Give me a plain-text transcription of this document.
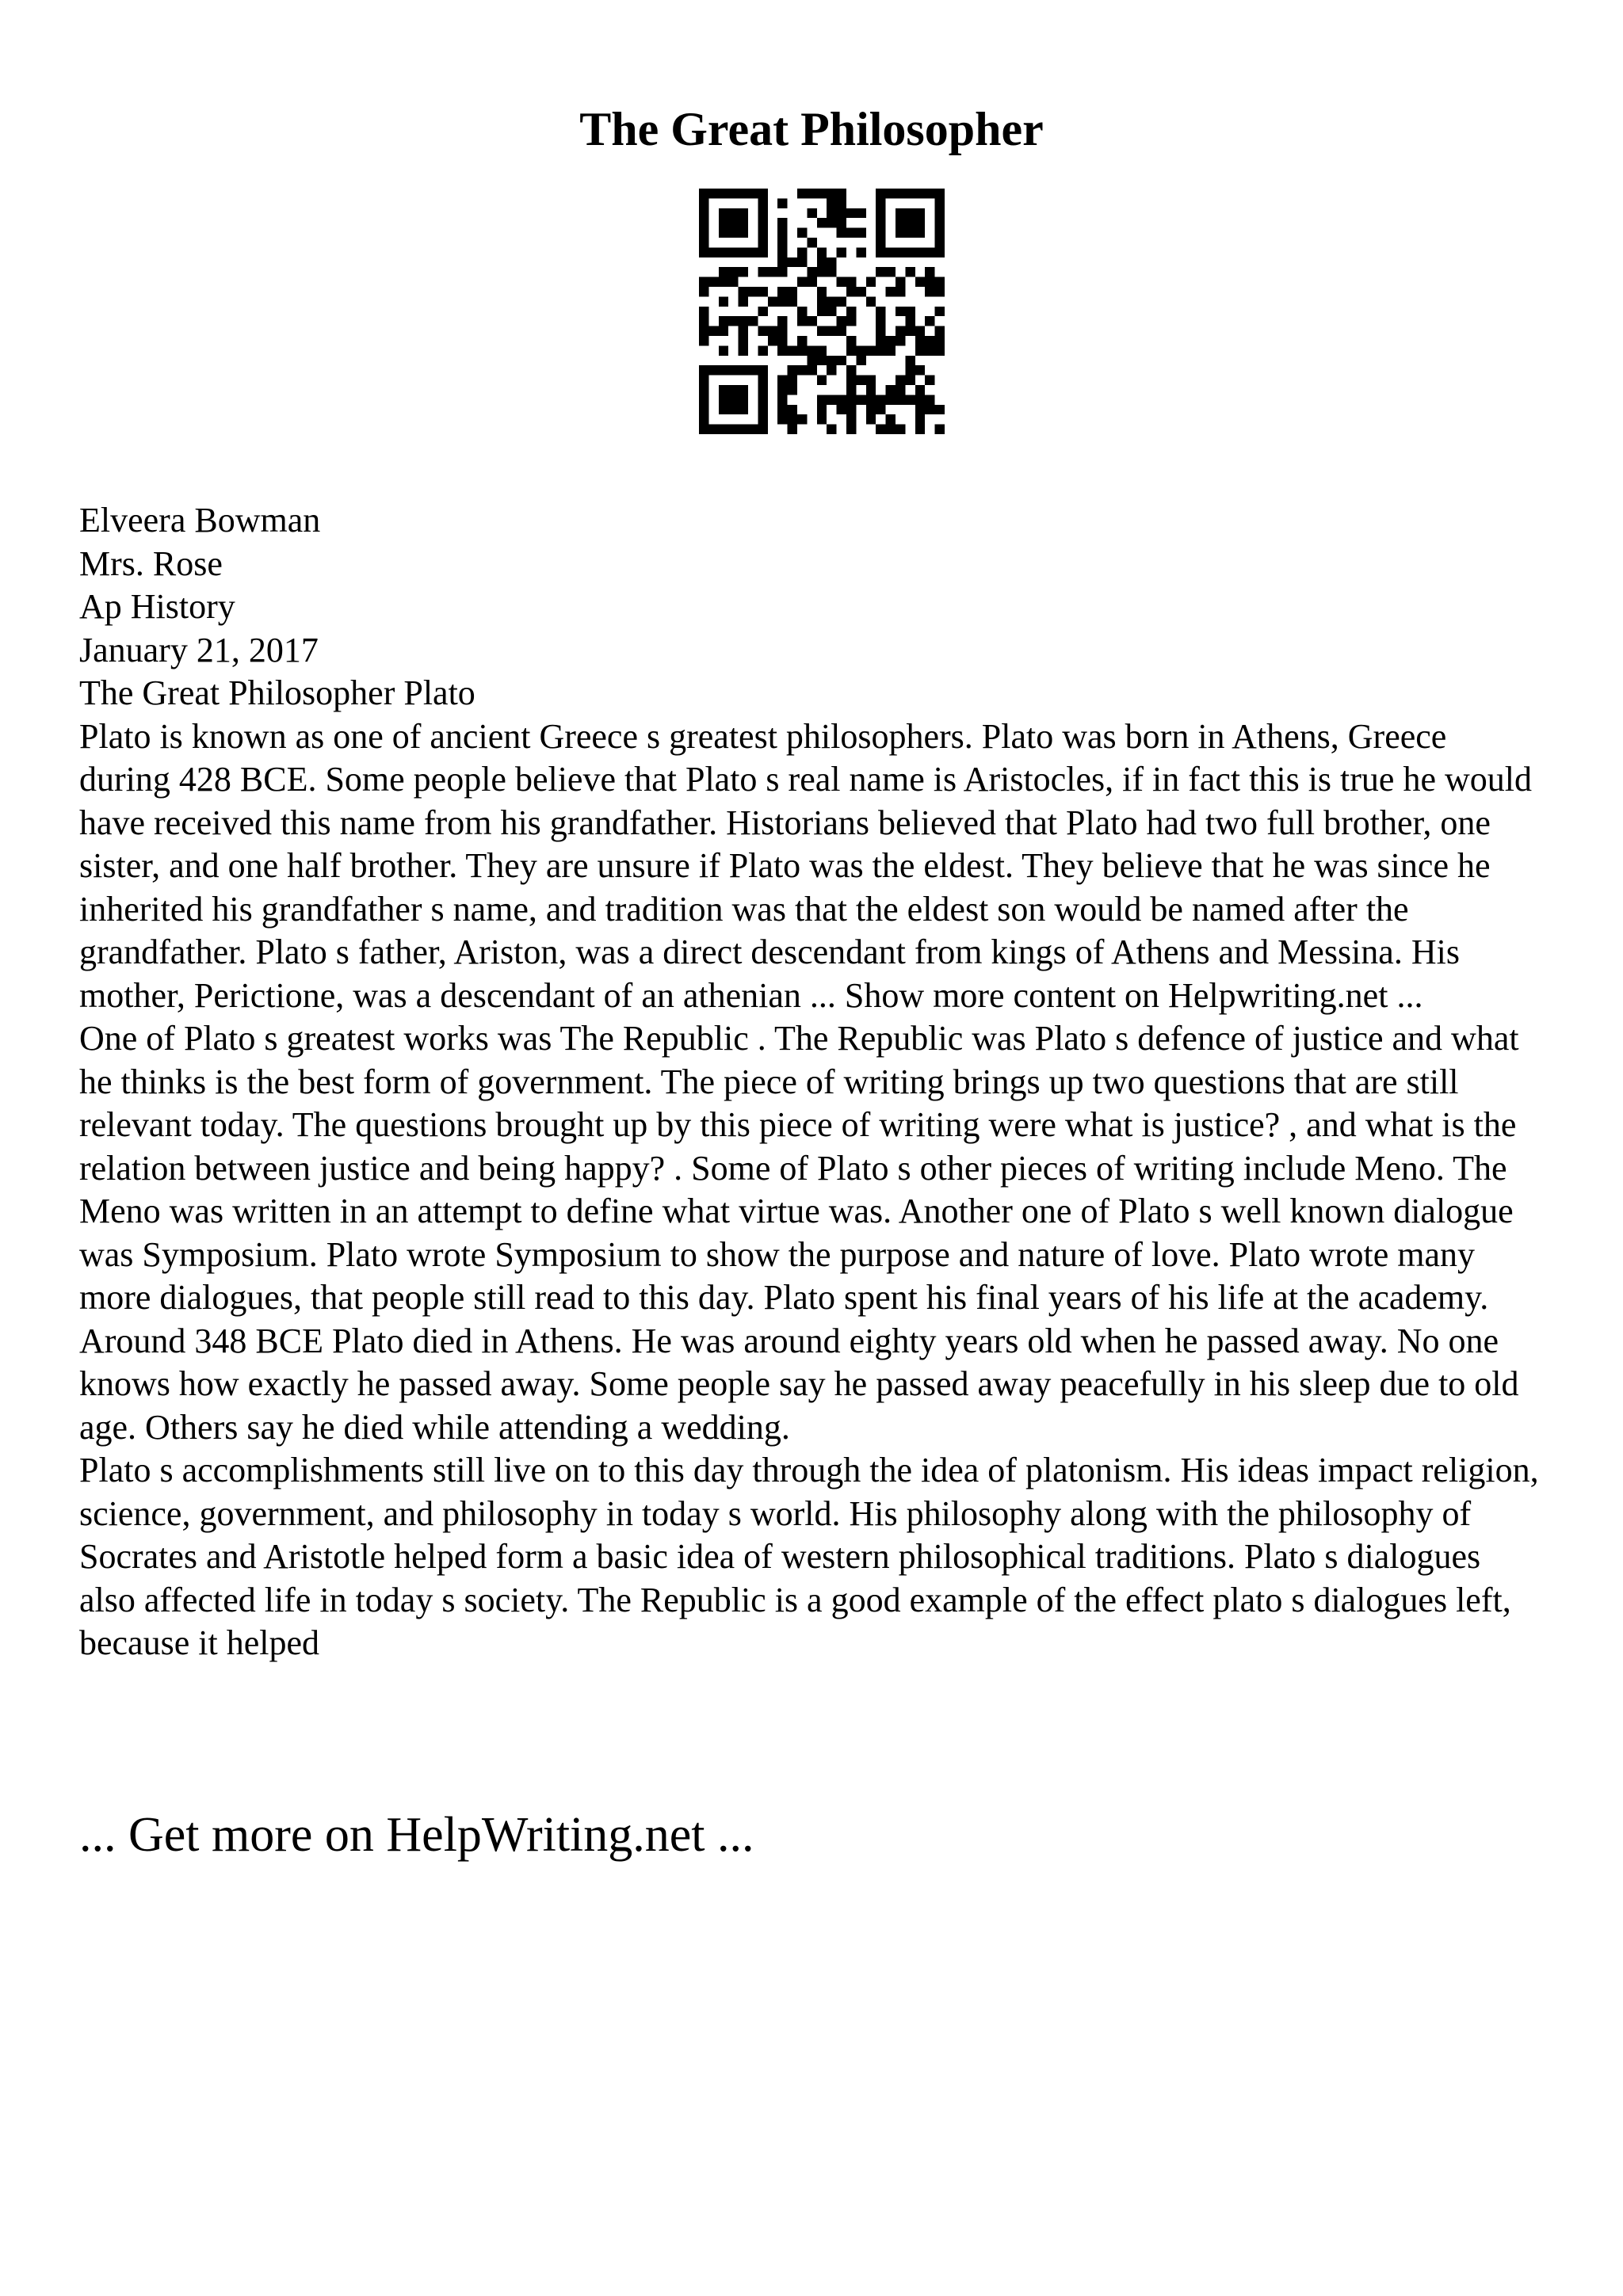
The Great Philosopher

Elveera Bowman

Mrs. Rose

Ap History

January 21, 2017

The Great Philosopher Plato

Plato is known as one of ancient Greece s greatest philosophers. Plato was born in Athens, Greece during 428 BCE. Some people believe that Plato s real name is Aristocles, if in fact this is true he would have received this name from his grandfather. Historians believed that Plato had two full brother, one sister, and one half brother. They are unsure if Plato was the eldest. They believe that he was since he inherited his grandfather s name, and tradition was that the eldest son would be named after the grandfather. Plato s father, Ariston, was a direct descendant from kings of Athens and Messina. His mother, Perictione, was a descendant of an athenian ... Show more content on Helpwriting.net ...

One of Plato s greatest works was The Republic . The Republic was Plato s defence of justice and what he thinks is the best form of government. The piece of writing brings up two questions that are still relevant today. The questions brought up by this piece of writing were what is justice? , and what is the relation between justice and being happy? . Some of Plato s other pieces of writing include Meno. The Meno was written in an attempt to define what virtue was. Another one of Plato s well known dialogue was Symposium. Plato wrote Symposium to show the purpose and nature of love. Plato wrote many more dialogues, that people still read to this day. Plato spent his final years of his life at the academy. Around 348 BCE Plato died in Athens. He was around eighty years old when he passed away. No one knows how exactly he passed away. Some people say he passed away peacefully in his sleep due to old age. Others say he died while attending a wedding.

Plato s accomplishments still live on to this day through the idea of platonism. His ideas impact religion, science, government, and philosophy in today s world. His philosophy along with the philosophy of Socrates and Aristotle helped form a basic idea of western philosophical traditions. Plato s dialogues also affected life in today s society. The Republic is a good example of the effect plato s dialogues left, because it helped

... Get more on HelpWriting.net ...
